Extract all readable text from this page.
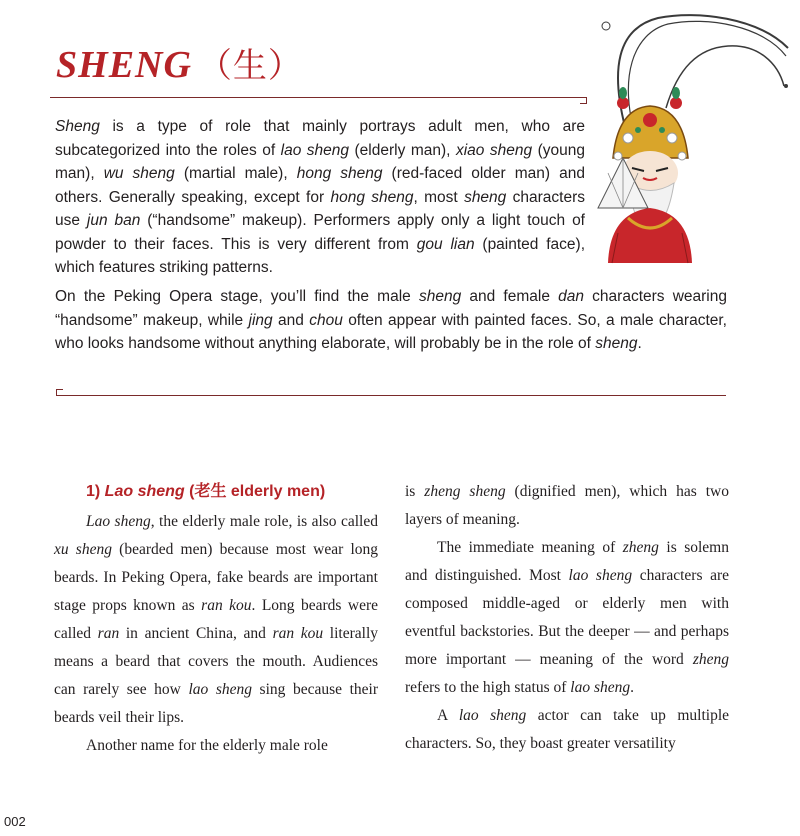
SHENG （生）

Sheng is a type of role that mainly portrays adult men, who are subcategorized into the roles of lao sheng (elderly man), xiao sheng (young man), wu sheng (martial male), hong sheng (red-faced older man) and others. Generally speaking, except for hong sheng, most sheng characters use jun ban (“handsome” makeup). Performers apply only a light touch of powder to their faces. This is very different from gou lian (painted face), which features striking patterns.

On the Peking Opera stage, you’ll find the male sheng and female dan characters wearing “handsome” makeup, while jing and chou often appear with painted faces. So, a male character, who looks handsome without anything elaborate, will probably be in the role of sheng.

1) Lao sheng (老生 elderly men)

Lao sheng, the elderly male role, is also called xu sheng (bearded men) because most wear long beards. In Peking Opera, fake beards are important stage props known as ran kou. Long beards were called ran in ancient China, and ran kou literally means a beard that covers the mouth. Audiences can rarely see how lao sheng sing because their beards veil their lips.

Another name for the elderly male role

is zheng sheng (dignified men), which has two layers of meaning.

The immediate meaning of zheng is solemn and distinguished. Most lao sheng characters are composed middle-aged or elderly men with eventful backstories. But the deeper — and perhaps more important — meaning of the word zheng refers to the high status of lao sheng.

A lao sheng actor can take up multiple characters. So, they boast greater versatility

002
